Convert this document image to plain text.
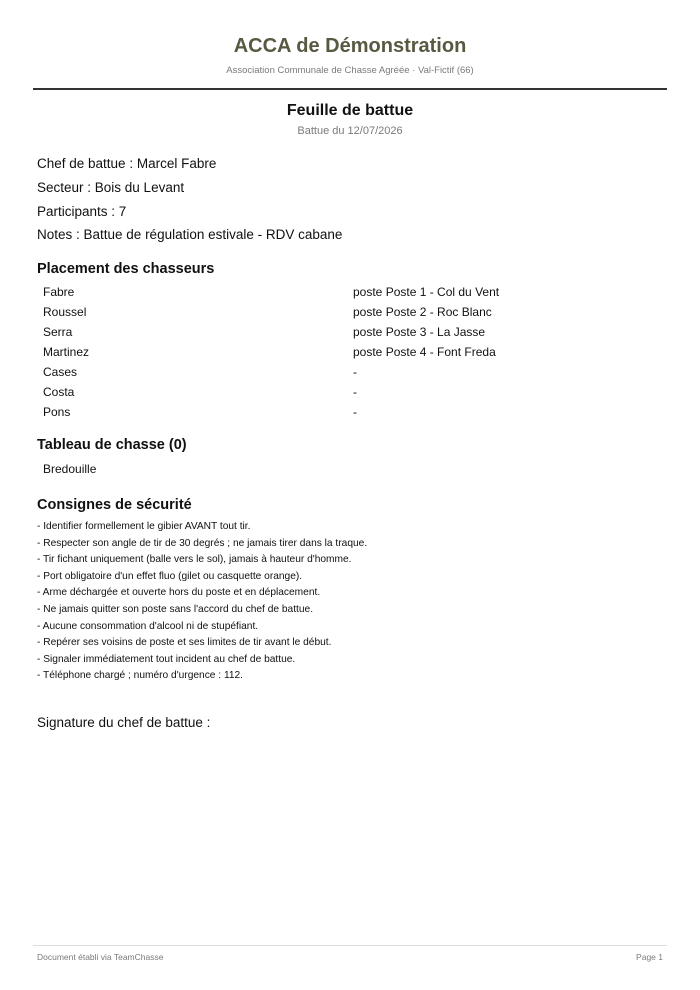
ACCA de Démonstration
Association Communale de Chasse Agréée · Val-Fictif (66)
Feuille de battue
Battue du 12/07/2026
Chef de battue : Marcel Fabre
Secteur : Bois du Levant
Participants : 7
Notes : Battue de régulation estivale - RDV cabane
Placement des chasseurs
Fabre	poste Poste 1 - Col du Vent
Roussel	poste Poste 2 - Roc Blanc
Serra	poste Poste 3 - La Jasse
Martinez	poste Poste 4 - Font Freda
Cases	-
Costa	-
Pons	-
Tableau de chasse (0)
Bredouille
Consignes de sécurité
- Identifier formellement le gibier AVANT tout tir.
- Respecter son angle de tir de 30 degrés ; ne jamais tirer dans la traque.
- Tir fichant uniquement (balle vers le sol), jamais à hauteur d'homme.
- Port obligatoire d'un effet fluo (gilet ou casquette orange).
- Arme déchargée et ouverte hors du poste et en déplacement.
- Ne jamais quitter son poste sans l'accord du chef de battue.
- Aucune consommation d'alcool ni de stupéfiant.
- Repérer ses voisins de poste et ses limites de tir avant le début.
- Signaler immédiatement tout incident au chef de battue.
- Téléphone chargé ; numéro d'urgence : 112.
Signature du chef de battue :
Document établi via TeamChasse	Page 1
